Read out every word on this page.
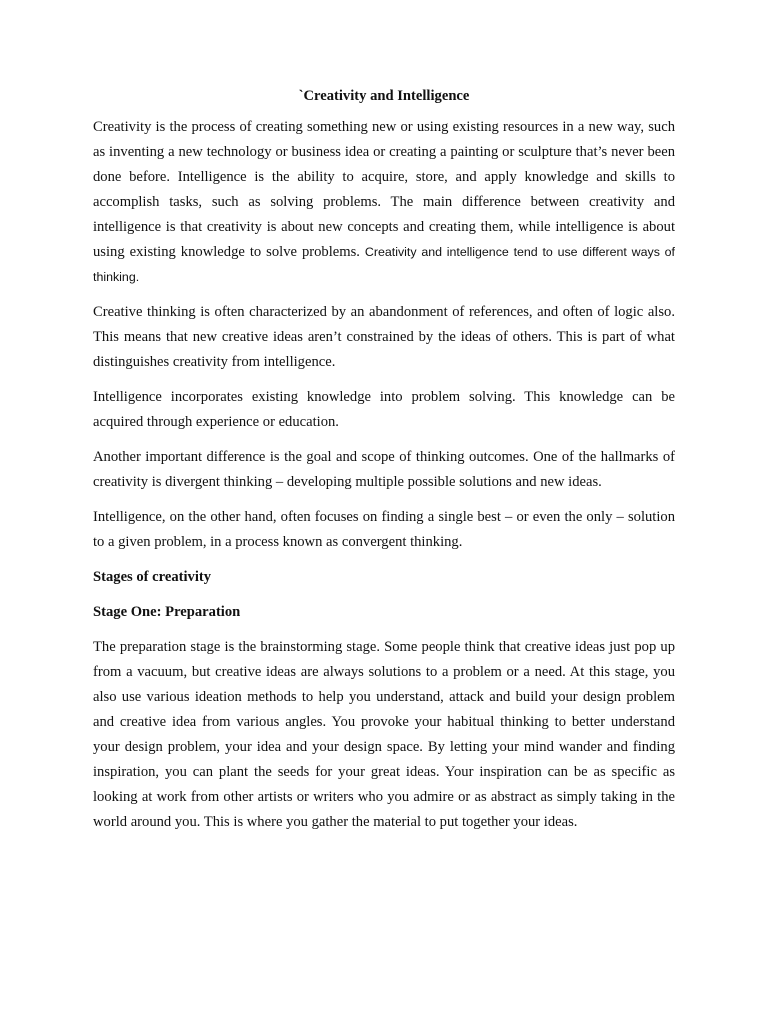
`Creativity and Intelligence

Creativity is the process of creating something new or using existing resources in a new way, such as inventing a new technology or business idea or creating a painting or sculpture that’s never been done before. Intelligence is the ability to acquire, store, and apply knowledge and skills to accomplish tasks, such as solving problems. The main difference between creativity and intelligence is that creativity is about new concepts and creating them, while intelligence is about using existing knowledge to solve problems. Creativity and intelligence tend to use different ways of thinking.

Creative thinking is often characterized by an abandonment of references, and often of logic also. This means that new creative ideas aren’t constrained by the ideas of others. This is part of what distinguishes creativity from intelligence.

Intelligence incorporates existing knowledge into problem solving. This knowledge can be acquired through experience or education.

Another important difference is the goal and scope of thinking outcomes. One of the hallmarks of creativity is divergent thinking – developing multiple possible solutions and new ideas.

Intelligence, on the other hand, often focuses on finding a single best – or even the only – solution to a given problem, in a process known as convergent thinking.

Stages of creativity
Stage One: Preparation

The preparation stage is the brainstorming stage. Some people think that creative ideas just pop up from a vacuum, but creative ideas are always solutions to a problem or a need. At this stage, you also use various ideation methods to help you understand, attack and build your design problem and creative idea from various angles. You provoke your habitual thinking to better understand your design problem, your idea and your design space. By letting your mind wander and finding inspiration, you can plant the seeds for your great ideas. Your inspiration can be as specific as looking at work from other artists or writers who you admire or as abstract as simply taking in the world around you. This is where you gather the material to put together your ideas.
